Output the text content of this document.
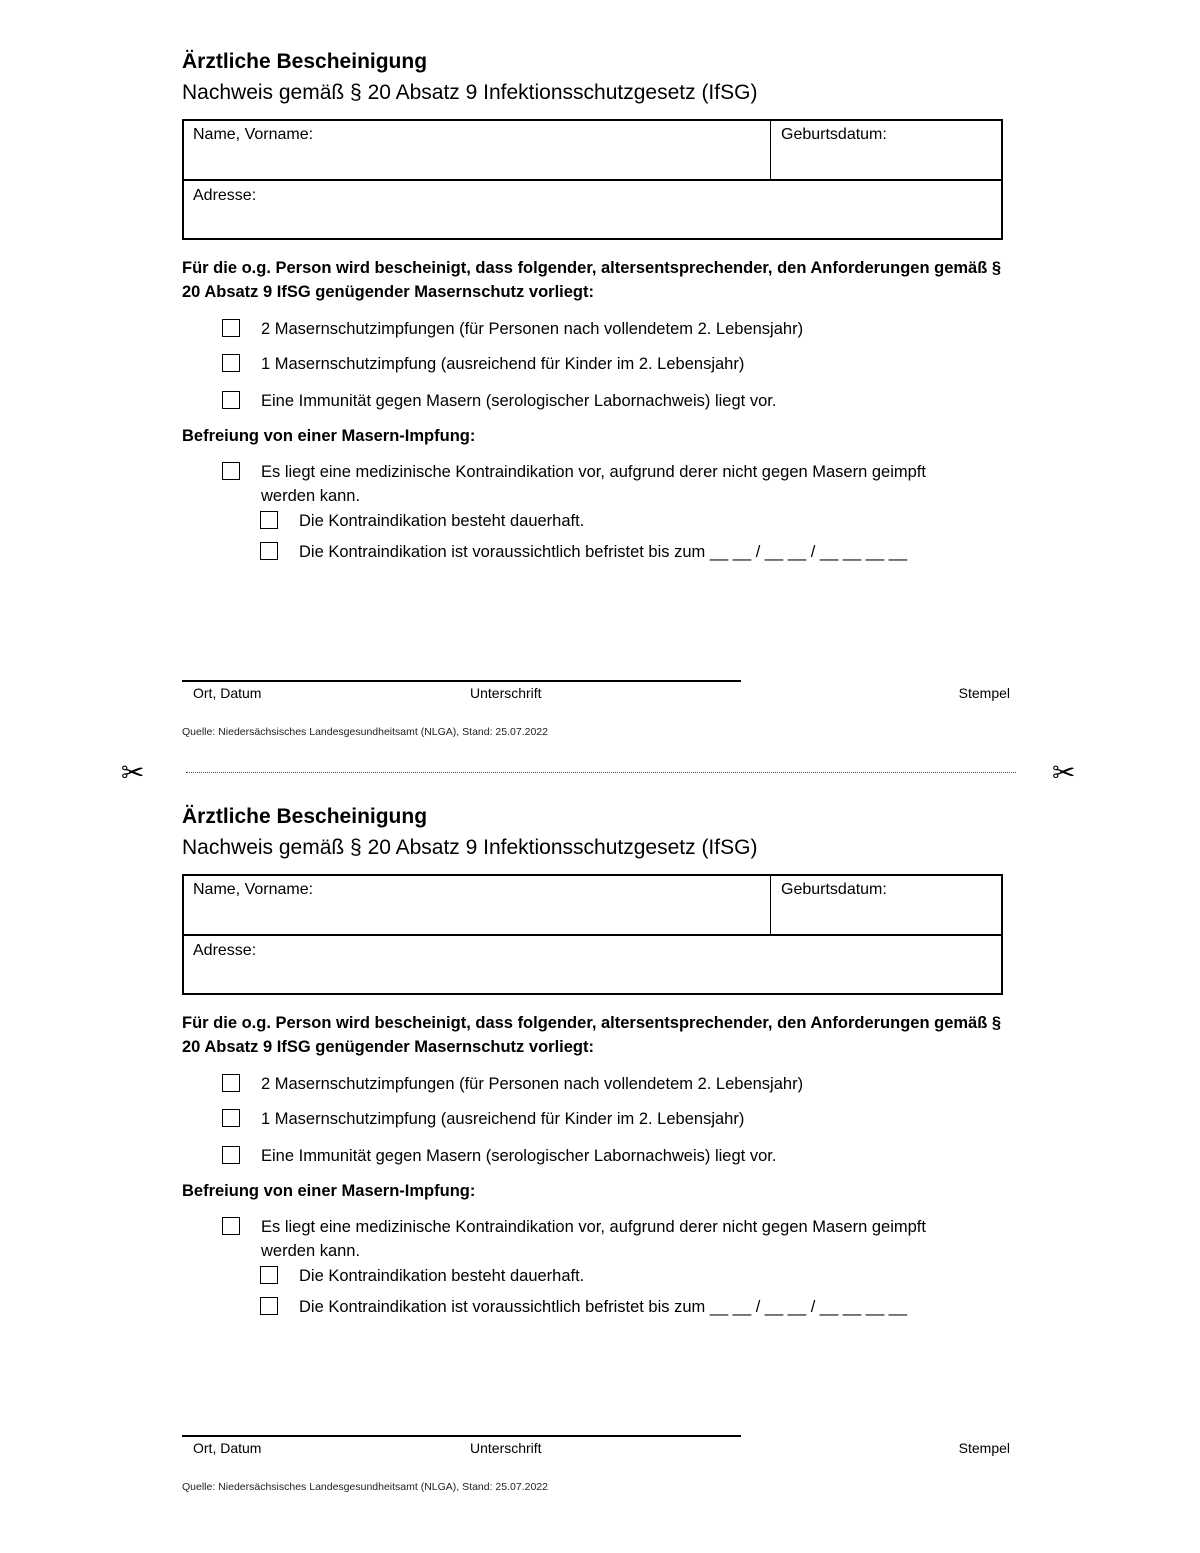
Ärztliche Bescheinigung
Nachweis gemäß § 20 Absatz 9 Infektionsschutzgesetz (IfSG)
Name, Vorname:	Geburtsdatum:
Adresse:
Für die o.g. Person wird bescheinigt, dass folgender, altersentsprechender, den Anforderungen gemäß § 20 Absatz 9 IfSG genügender Masernschutz vorliegt:
2 Masernschutzimpfungen (für Personen nach vollendetem 2. Lebensjahr)
1 Masernschutzimpfung (ausreichend für Kinder im 2. Lebensjahr)
Eine Immunität gegen Masern (serologischer Labornachweis) liegt vor.
Befreiung von einer Masern-Impfung:
Es liegt eine medizinische Kontraindikation vor, aufgrund derer nicht gegen Masern geimpft
werden kann.
Die Kontraindikation besteht dauerhaft.
Die Kontraindikation ist voraussichtlich befristet bis zum __ __ / __ __ / __ __ __ __
Ort, Datum	Unterschrift	Stempel
Quelle: Niedersächsisches Landesgesundheitsamt (NLGA), Stand: 25.07.2022
✂	✂
Ärztliche Bescheinigung
Nachweis gemäß § 20 Absatz 9 Infektionsschutzgesetz (IfSG)
Name, Vorname:	Geburtsdatum:
Adresse:
Für die o.g. Person wird bescheinigt, dass folgender, altersentsprechender, den Anforderungen gemäß § 20 Absatz 9 IfSG genügender Masernschutz vorliegt:
2 Masernschutzimpfungen (für Personen nach vollendetem 2. Lebensjahr)
1 Masernschutzimpfung (ausreichend für Kinder im 2. Lebensjahr)
Eine Immunität gegen Masern (serologischer Labornachweis) liegt vor.
Befreiung von einer Masern-Impfung:
Es liegt eine medizinische Kontraindikation vor, aufgrund derer nicht gegen Masern geimpft
werden kann.
Die Kontraindikation besteht dauerhaft.
Die Kontraindikation ist voraussichtlich befristet bis zum __ __ / __ __ / __ __ __ __
Ort, Datum	Unterschrift	Stempel
Quelle: Niedersächsisches Landesgesundheitsamt (NLGA), Stand: 25.07.2022
